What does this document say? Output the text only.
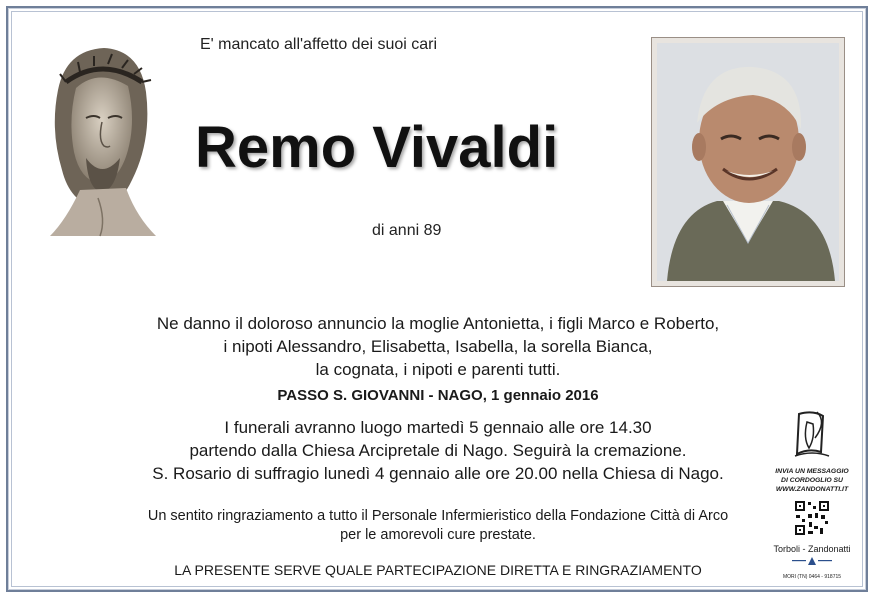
E' mancato all'affetto dei suoi cari
Remo Vivaldi
di anni 89
Ne danno il doloroso annuncio la moglie Antonietta, i figli Marco e Roberto,
i nipoti Alessandro, Elisabetta, Isabella, la sorella Bianca,
la cognata, i nipoti e parenti tutti.
PASSO S. GIOVANNI - NAGO, 1 gennaio 2016
I funerali avranno luogo martedì 5 gennaio alle ore 14.30
partendo dalla Chiesa Arcipretale di Nago. Seguirà la cremazione.
S. Rosario di suffragio lunedì 4 gennaio alle ore 20.00 nella Chiesa di Nago.
Un sentito ringraziamento a tutto il Personale Infermieristico della Fondazione Città di Arco
per le amorevoli cure prestate.
LA PRESENTE SERVE QUALE PARTECIPAZIONE DIRETTA E RINGRAZIAMENTO
INVIA UN MESSAGGIO
DI CORDOGLIO SU
WWW.ZANDONATTI.IT
Torboli - Zandonatti
MORI (TN) 0464 - 918715
